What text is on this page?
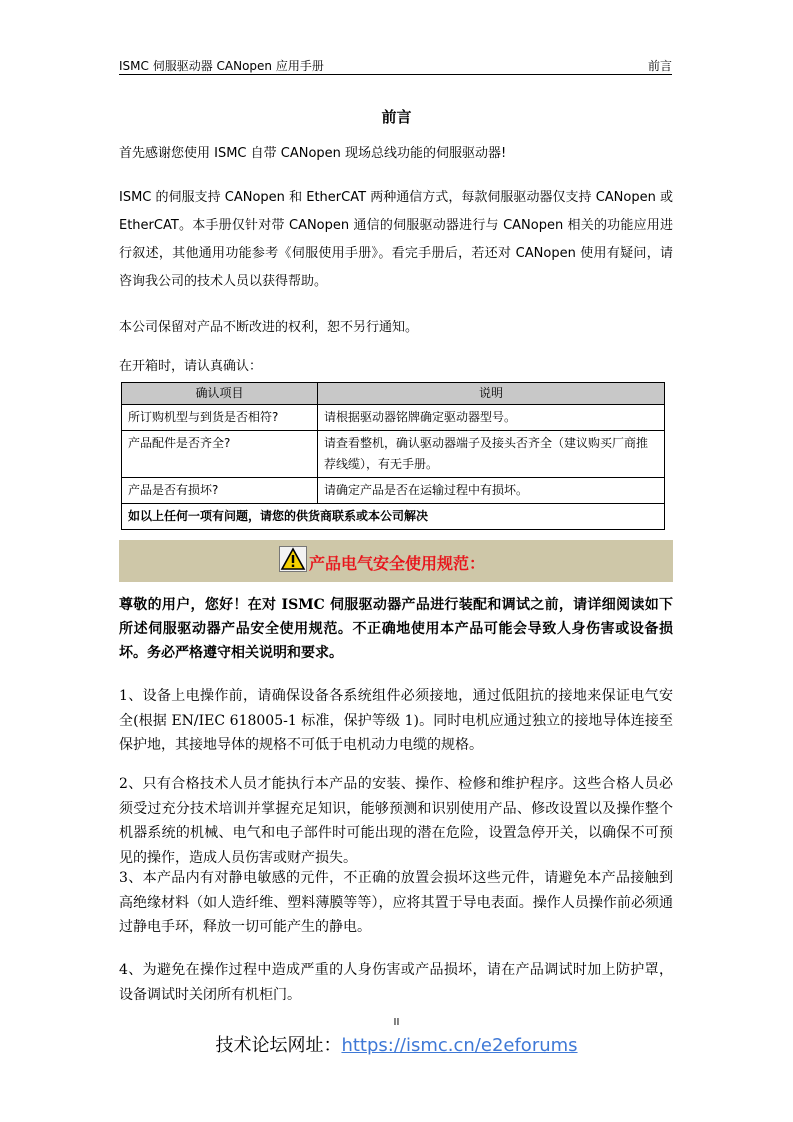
ISMC 伺服驱动器 CANopen 应用手册	前言
前言
首先感谢您使用 ISMC 自带 CANopen 现场总线功能的伺服驱动器!
ISMC 的伺服支持 CANopen 和 EtherCAT 两种通信方式，每款伺服驱动器仅支持 CANopen 或 EtherCAT。本手册仅针对带 CANopen 通信的伺服驱动器进行与 CANopen 相关的功能应用进行叙述，其他通用功能参考《伺服使用手册》。看完手册后，若还对 CANopen 使用有疑问，请咨询我公司的技术人员以获得帮助。
本公司保留对产品不断改进的权利，恕不另行通知。
在开箱时，请认真确认：
确认项目	说明
所订购机型与到货是否相符?	请根据驱动器铭牌确定驱动器型号。
产品配件是否齐全?	请查看整机，确认驱动器端子及接头否齐全（建议购买厂商推荐线缆），有无手册。
产品是否有损坏?	请确定产品是否在运输过程中有损坏。
如以上任何一项有问题，请您的供货商联系或本公司解决	
产品电气安全使用规范：
尊敬的用户，您好！在对 ISMC 伺服驱动器产品进行装配和调试之前，请详细阅读如下所述伺服驱动器产品安全使用规范。不正确地使用本产品可能会导致人身伤害或设备损坏。务必严格遵守相关说明和要求。
1、设备上电操作前，请确保设备各系统组件必须接地，通过低阻抗的接地来保证电气安全(根据 EN/IEC 618005-1 标准，保护等级 1)。同时电机应通过独立的接地导体连接至保护地，其接地导体的规格不可低于电机动力电缆的规格。
2、只有合格技术人员才能执行本产品的安装、操作、检修和维护程序。这些合格人员必须受过充分技术培训并掌握充足知识，能够预测和识别使用产品、修改设置以及操作整个机器系统的机械、电气和电子部件时可能出现的潜在危险，设置急停开关，以确保不可预见的操作，造成人员伤害或财产损失。
3、本产品内有对静电敏感的元件，不正确的放置会损坏这些元件，请避免本产品接触到高绝缘材料（如人造纤维、塑料薄膜等等），应将其置于导电表面。操作人员操作前必须通过静电手环，释放一切可能产生的静电。
4、为避免在操作过程中造成严重的人身伤害或产品损坏，请在产品调试时加上防护罩，设备调试时关闭所有机柜门。
II
技术论坛网址：https://ismc.cn/e2eforums
